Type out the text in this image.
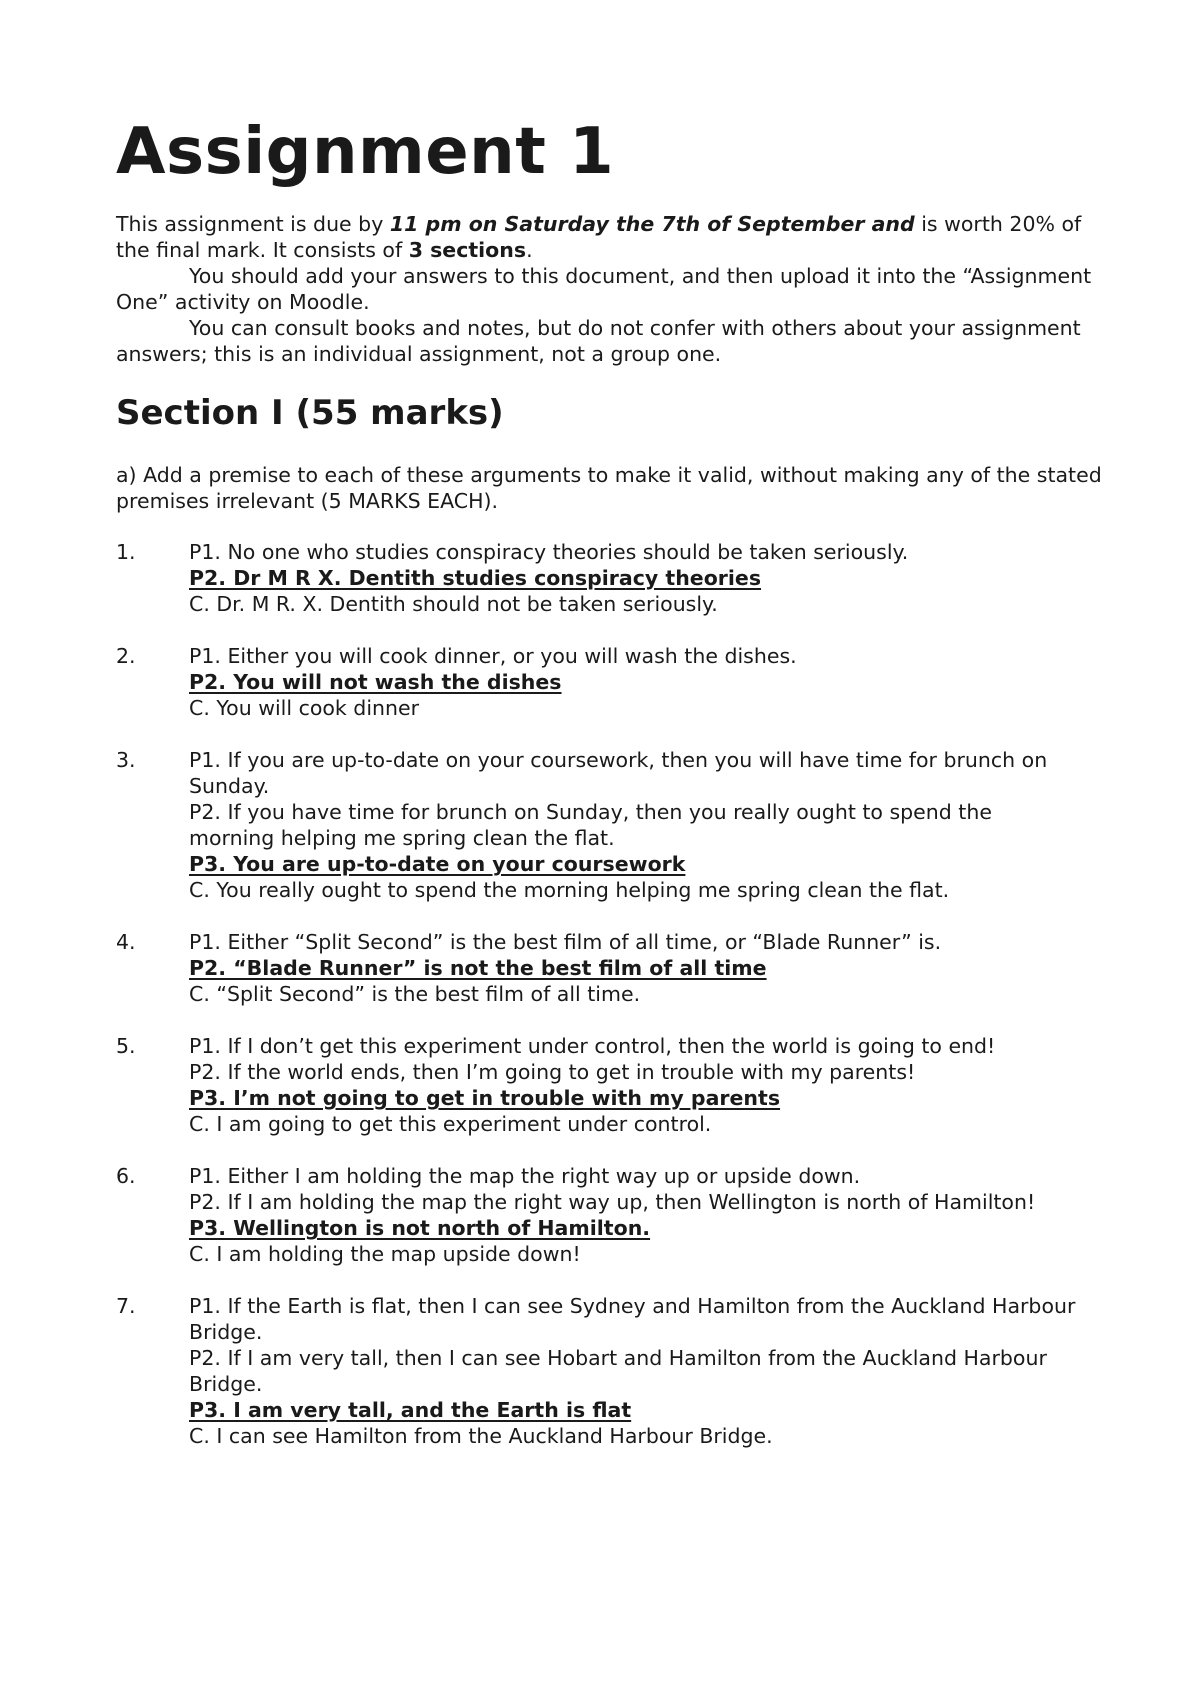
Assignment 1

This assignment is due by 11 pm on Saturday the 7th of September and is worth 20% of the final mark. It consists of 3 sections.

You should add your answers to this document, and then upload it into the “Assignment One” activity on Moodle.

You can consult books and notes, but do not confer with others about your assignment answers; this is an individual assignment, not a group one.

Section I (55 marks)

a) Add a premise to each of these arguments to make it valid, without making any of the stated premises irrelevant (5 MARKS EACH).

1.	P1. No one who studies conspiracy theories should be taken seriously.
P2. Dr M R X. Dentith studies conspiracy theories
C. Dr. M R. X. Dentith should not be taken seriously.
2.	P1. Either you will cook dinner, or you will wash the dishes.
P2. You will not wash the dishes
C. You will cook dinner
3.	P1. If you are up-to-date on your coursework, then you will have time for brunch on
Sunday.
P2. If you have time for brunch on Sunday, then you really ought to spend the
morning helping me spring clean the flat.
P3. You are up-to-date on your coursework
C. You really ought to spend the morning helping me spring clean the flat.
4.	P1. Either “Split Second” is the best film of all time, or “Blade Runner” is.
P2. “Blade Runner” is not the best film of all time
C. “Split Second” is the best film of all time.
5.	P1. If I don’t get this experiment under control, then the world is going to end!
P2. If the world ends, then I’m going to get in trouble with my parents!
P3. I’m not going to get in trouble with my parents
C. I am going to get this experiment under control.
6.	P1. Either I am holding the map the right way up or upside down.
P2. If I am holding the map the right way up, then Wellington is north of Hamilton!
P3. Wellington is not north of Hamilton.
C. I am holding the map upside down!
7.	P1. If the Earth is flat, then I can see Sydney and Hamilton from the Auckland Harbour
Bridge.
P2. If I am very tall, then I can see Hobart and Hamilton from the Auckland Harbour
Bridge.
P3. I am very tall, and the Earth is flat
C. I can see Hamilton from the Auckland Harbour Bridge.
